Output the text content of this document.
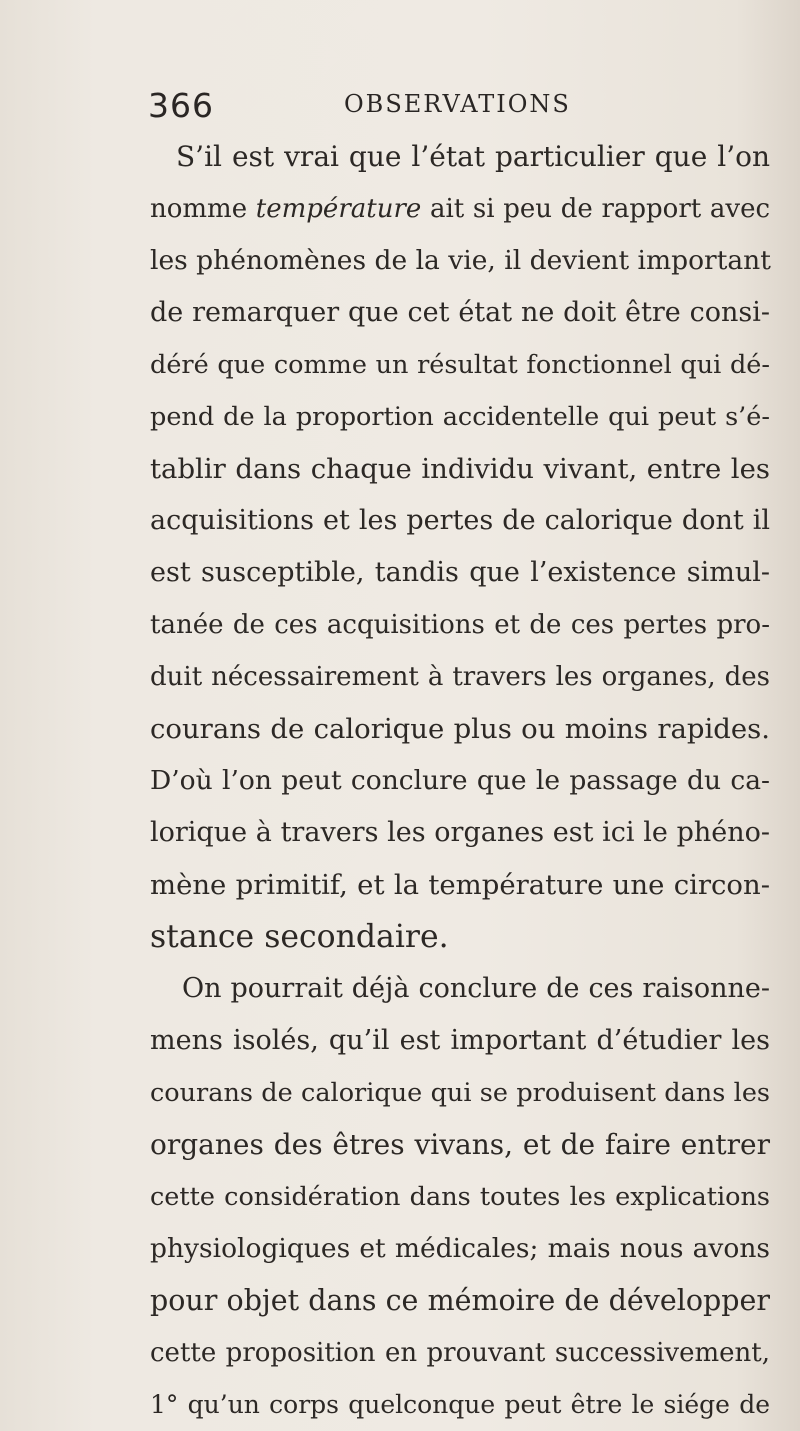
366	OBSERVATIONS
S’il est vrai que l’état particulier que l’on
nomme température ait si peu de rapport avec
les phénomènes de la vie, il devient important
de remarquer que cet état ne doit être consi-
déré que comme un résultat fonctionnel qui dé-
pend de la proportion accidentelle qui peut s’é-
tablir dans chaque individu vivant, entre les
acquisitions et les pertes de calorique dont il
est susceptible, tandis que l’existence simul-
tanée de ces acquisitions et de ces pertes pro-
duit nécessairement à travers les organes, des
courans de calorique plus ou moins rapides.
D’où l’on peut conclure que le passage du ca-
lorique à travers les organes est ici le phéno-
mène primitif, et la température une circon-
stance secondaire.
On pourrait déjà conclure de ces raisonne-
mens isolés, qu’il est important d’étudier les
courans de calorique qui se produisent dans les
organes des êtres vivans, et de faire entrer
cette considération dans toutes les explications
physiologiques et médicales; mais nous avons
pour objet dans ce mémoire de développer
cette proposition en prouvant successivement,
1° qu’un corps quelconque peut être le siége de
